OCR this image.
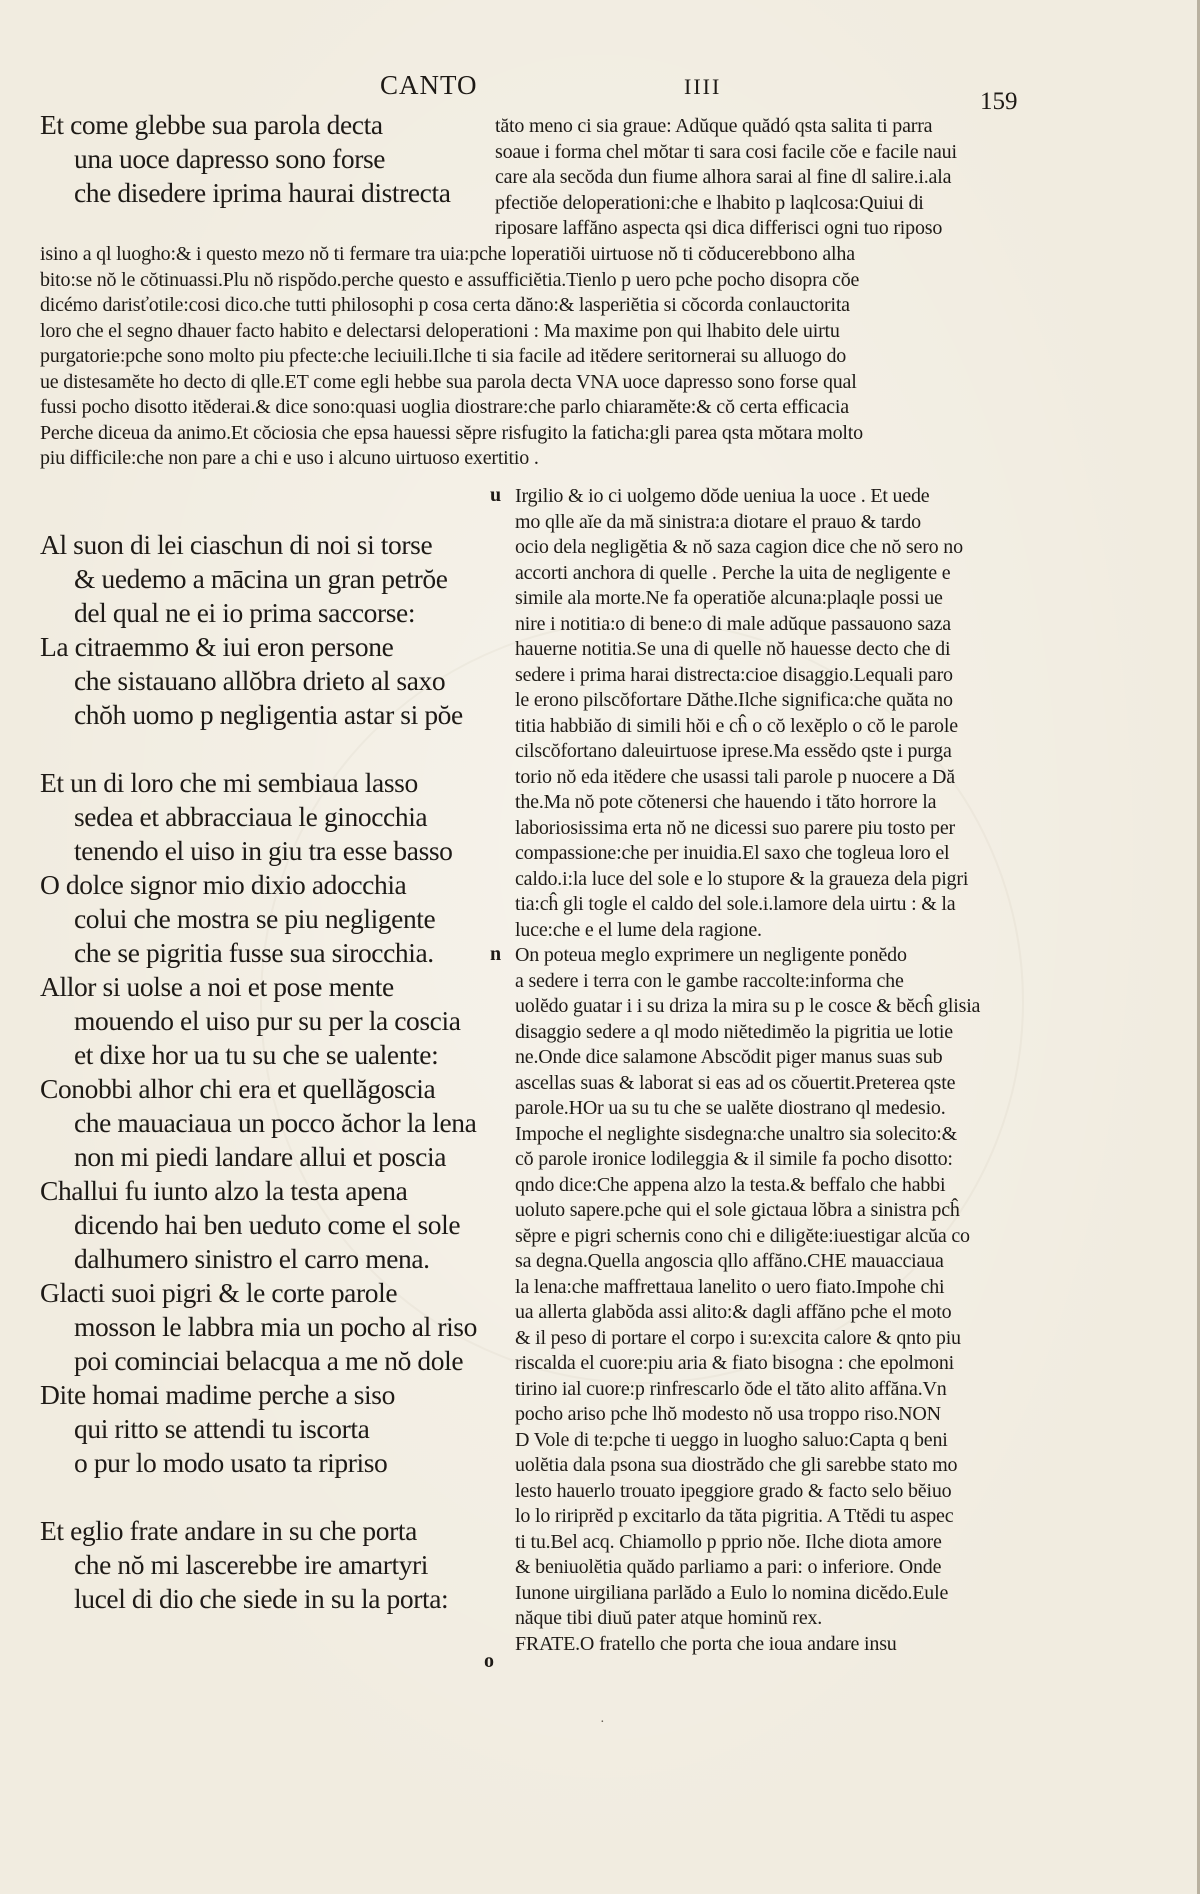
CANTO	IIII
159
Et come glebbe sua parola decta
una uoce dapresso sono forse
che disedere iprima haurai distrecta
tăto meno ci sia graue: Adŭque quădó qsta salita ti parra
soaue i forma chel mŏtar ti sara cosi facile cŏe e facile naui
care ala secŏda dun fiume alhora sarai al fine dl salire.i.ala
pfectiŏe deloperationi:che e lhabito p laqlcosa:Quiui di
riposare laffăno aspecta qsi dica differisci ogni tuo riposo
isino a ql luogho:& i questo mezo nŏ ti fermare tra uia:pche loperatiŏi uirtuose nŏ ti cŏducerebbono alha
bito:se nŏ le cŏtinuassi.Plu nŏ rispŏdo.perche questo e assufficiĕtia.Tienlo p uero pche pocho disopra cŏe
dicémo darisťotile:cosi dico.che tutti philosophi p cosa certa dăno:& lasperiĕtia si cŏcorda conlauctorita
loro che el segno dhauer facto habito e delectarsi deloperationi : Ma maxime pon qui lhabito dele uirtu
purgatorie:pche sono molto piu pfecte:che leciuili.Ilche ti sia facile ad itĕdere seritornerai su alluogo do
ue distesamĕte ho decto di qlle.ET come egli hebbe sua parola decta VNA uoce dapresso sono forse qual
fussi pocho disotto itĕderai.& dice sono:quasi uoglia diostrare:che parlo chiaramĕte:& cŏ certa efficacia
Perche diceua da animo.Et cŏciosia che epsa hauessi sĕpre risfugito la faticha:gli parea qsta mŏtara molto
piu difficile:che non pare a chi e uso i alcuno uirtuoso exertitio .
Al suon di lei ciaschun di noi si torse
& uedemo a mācina un gran petrŏe
del qual ne ei io prima saccorse:
La citraemmo & iui eron persone
che sistauano allŏbra drieto al saxo
chŏh uomo p negligentia astar si pŏe
Et un di loro che mi sembiaua lasso
sedea et abbracciaua le ginocchia
tenendo el uiso in giu tra esse basso
O dolce signor mio dixio adocchia
colui che mostra se piu negligente
che se pigritia fusse sua sirocchia.
Allor si uolse a noi et pose mente
mouendo el uiso pur su per la coscia
et dixe hor ua tu su che se ualente:
Conobbi alhor chi era et quellăgoscia
che mauaciaua un pocco ăchor la lena
non mi piedi landare allui et poscia
Challui fu iunto alzo la testa apena
dicendo hai ben ueduto come el sole
dalhumero sinistro el carro mena.
Glacti suoi pigri & le corte parole
mosson le labbra mia un pocho al riso
poi cominciai belacqua a me nŏ dole
Dite homai madime perche a siso
qui ritto se attendi tu iscorta
o pur lo modo usato ta ripriso
Et eglio frate andare in su che porta
che nŏ mi lascerebbe ire amartyri
lucel di dio che siede in su la porta:
u
n
o
Irgilio & io ci uolgemo dŏde ueniua la uoce . Et uede
mo qlle aĭe da mă sinistra:a diotare el prauo & tardo
ocio dela negligĕtia & nŏ saza cagion dice che nŏ sero no
accorti anchora di quelle . Perche la uita de negligente e
simile ala morte.Ne fa operatiŏe alcuna:plaqle possi ue
nire i notitia:o di bene:o di male adŭque passauono saza
hauerne notitia.Se una di quelle nŏ hauesse decto che di
sedere i prima harai distrecta:cioe disaggio.Lequali paro
le erono pilscŏfortare Dăthe.Ilche significa:che quăta no
titia habbiăo di simili hŏi e cĥ o cŏ lexĕplo o cŏ le parole
cilscŏfortano daleuirtuose iprese.Ma essĕdo qste i purga
torio nŏ eda itĕdere che usassi tali parole p nuocere a Dă
the.Ma nŏ pote cŏtenersi che hauendo i tăto horrore la
laboriosissima erta nŏ ne dicessi suo parere piu tosto per
compassione:che per inuidia.El saxo che togleua loro el
caldo.i:la luce del sole e lo stupore & la graueza dela pigri
tia:cĥ gli togle el caldo del sole.i.lamore dela uirtu : & la
luce:che e el lume dela ragione.
On poteua meglo exprimere un negligente ponĕdo
a sedere i terra con le gambe raccolte:informa che
uolĕdo guatar i i su driza la mira su p le cosce & bĕcĥ glisia
disaggio sedere a ql modo niĕtedimĕo la pigritia ue lotie
ne.Onde dice salamone Abscŏdit piger manus suas sub
ascellas suas & laborat si eas ad os cŏuertit.Preterea qste
parole.HOr ua su tu che se ualĕte diostrano ql medesio.
Impoche el neglighte sisdegna:che unaltro sia solecito:&
cŏ parole ironice lodileggia & il simile fa pocho disotto:
qndo dice:Che appena alzo la testa.& beffalo che habbi
uoluto sapere.pche qui el sole gictaua lŏbra a sinistra pcĥ
sĕpre e pigri schernis cono chi e diligĕte:iuestigar alcŭa co
sa degna.Quella angoscia qllo affăno.CHE mauacciaua
la lena:che maffrettaua lanelito o uero fiato.Impohe chi
ua allerta glabŏda assi alito:& dagli affăno pche el moto
& il peso di portare el corpo i su:excita calore & qnto piu
riscalda el cuore:piu aria & fiato bisogna : che epolmoni
tirino ial cuore:p rinfrescarlo ŏde el tăto alito affăna.Vn
pocho ariso pche lhŏ modesto nŏ usa troppo riso.NON
D Vole di te:pche ti ueggo in luogho saluo:Capta q beni
uolĕtia dala psona sua diostrădo che gli sarebbe stato mo
lesto hauerlo trouato ipeggiore grado & facto selo bĕiuo
lo lo ririprĕd p excitarlo da tăta pigritia. A Ttĕdi tu aspec
ti tu.Bel acq. Chiamollo p pprio nŏe. Ilche diota amore
& beniuolĕtia quădo parliamo a pari: o inferiore. Onde
Iunone uirgiliana parlădo a Eulo lo nomina dicĕdo.Eule
năque tibi diuŭ pater atque hominŭ rex.
FRATE.O fratello che porta che ioua andare insu
·
